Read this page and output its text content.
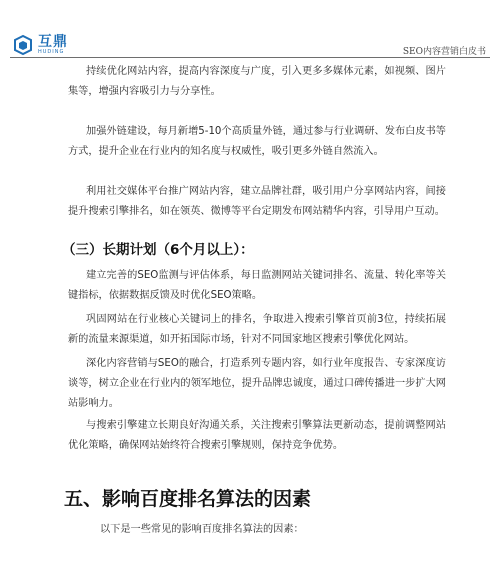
互鼎
HUDING	SEO内容营销白皮书

持续优化网站内容，提高内容深度与广度，引入更多多媒体元素，如视频、图片集等，增强内容吸引力与分享性。

加强外链建设，每月新增5-10个高质量外链，通过参与行业调研、发布白皮书等方式，提升企业在行业内的知名度与权威性，吸引更多外链自然流入。

利用社交媒体平台推广网站内容，建立品牌社群，吸引用户分享网站内容，间接提升搜索引擎排名，如在领英、微博等平台定期发布网站精华内容，引导用户互动。

（三）长期计划（6个月以上）：

建立完善的SEO监测与评估体系，每日监测网站关键词排名、流量、转化率等关键指标，依据数据反馈及时优化SEO策略。

巩固网站在行业核心关键词上的排名，争取进入搜索引擎首页前3位，持续拓展新的流量来源渠道，如开拓国际市场，针对不同国家地区搜索引擎优化网站。

深化内容营销与SEO的融合，打造系列专题内容，如行业年度报告、专家深度访谈等，树立企业在行业内的领军地位，提升品牌忠诚度，通过口碑传播进一步扩大网站影响力。

与搜索引擎建立长期良好沟通关系，关注搜索引擎算法更新动态，提前调整网站优化策略，确保网站始终符合搜索引擎规则，保持竞争优势。

五、影响百度排名算法的因素
以下是一些常见的影响百度排名算法的因素：
